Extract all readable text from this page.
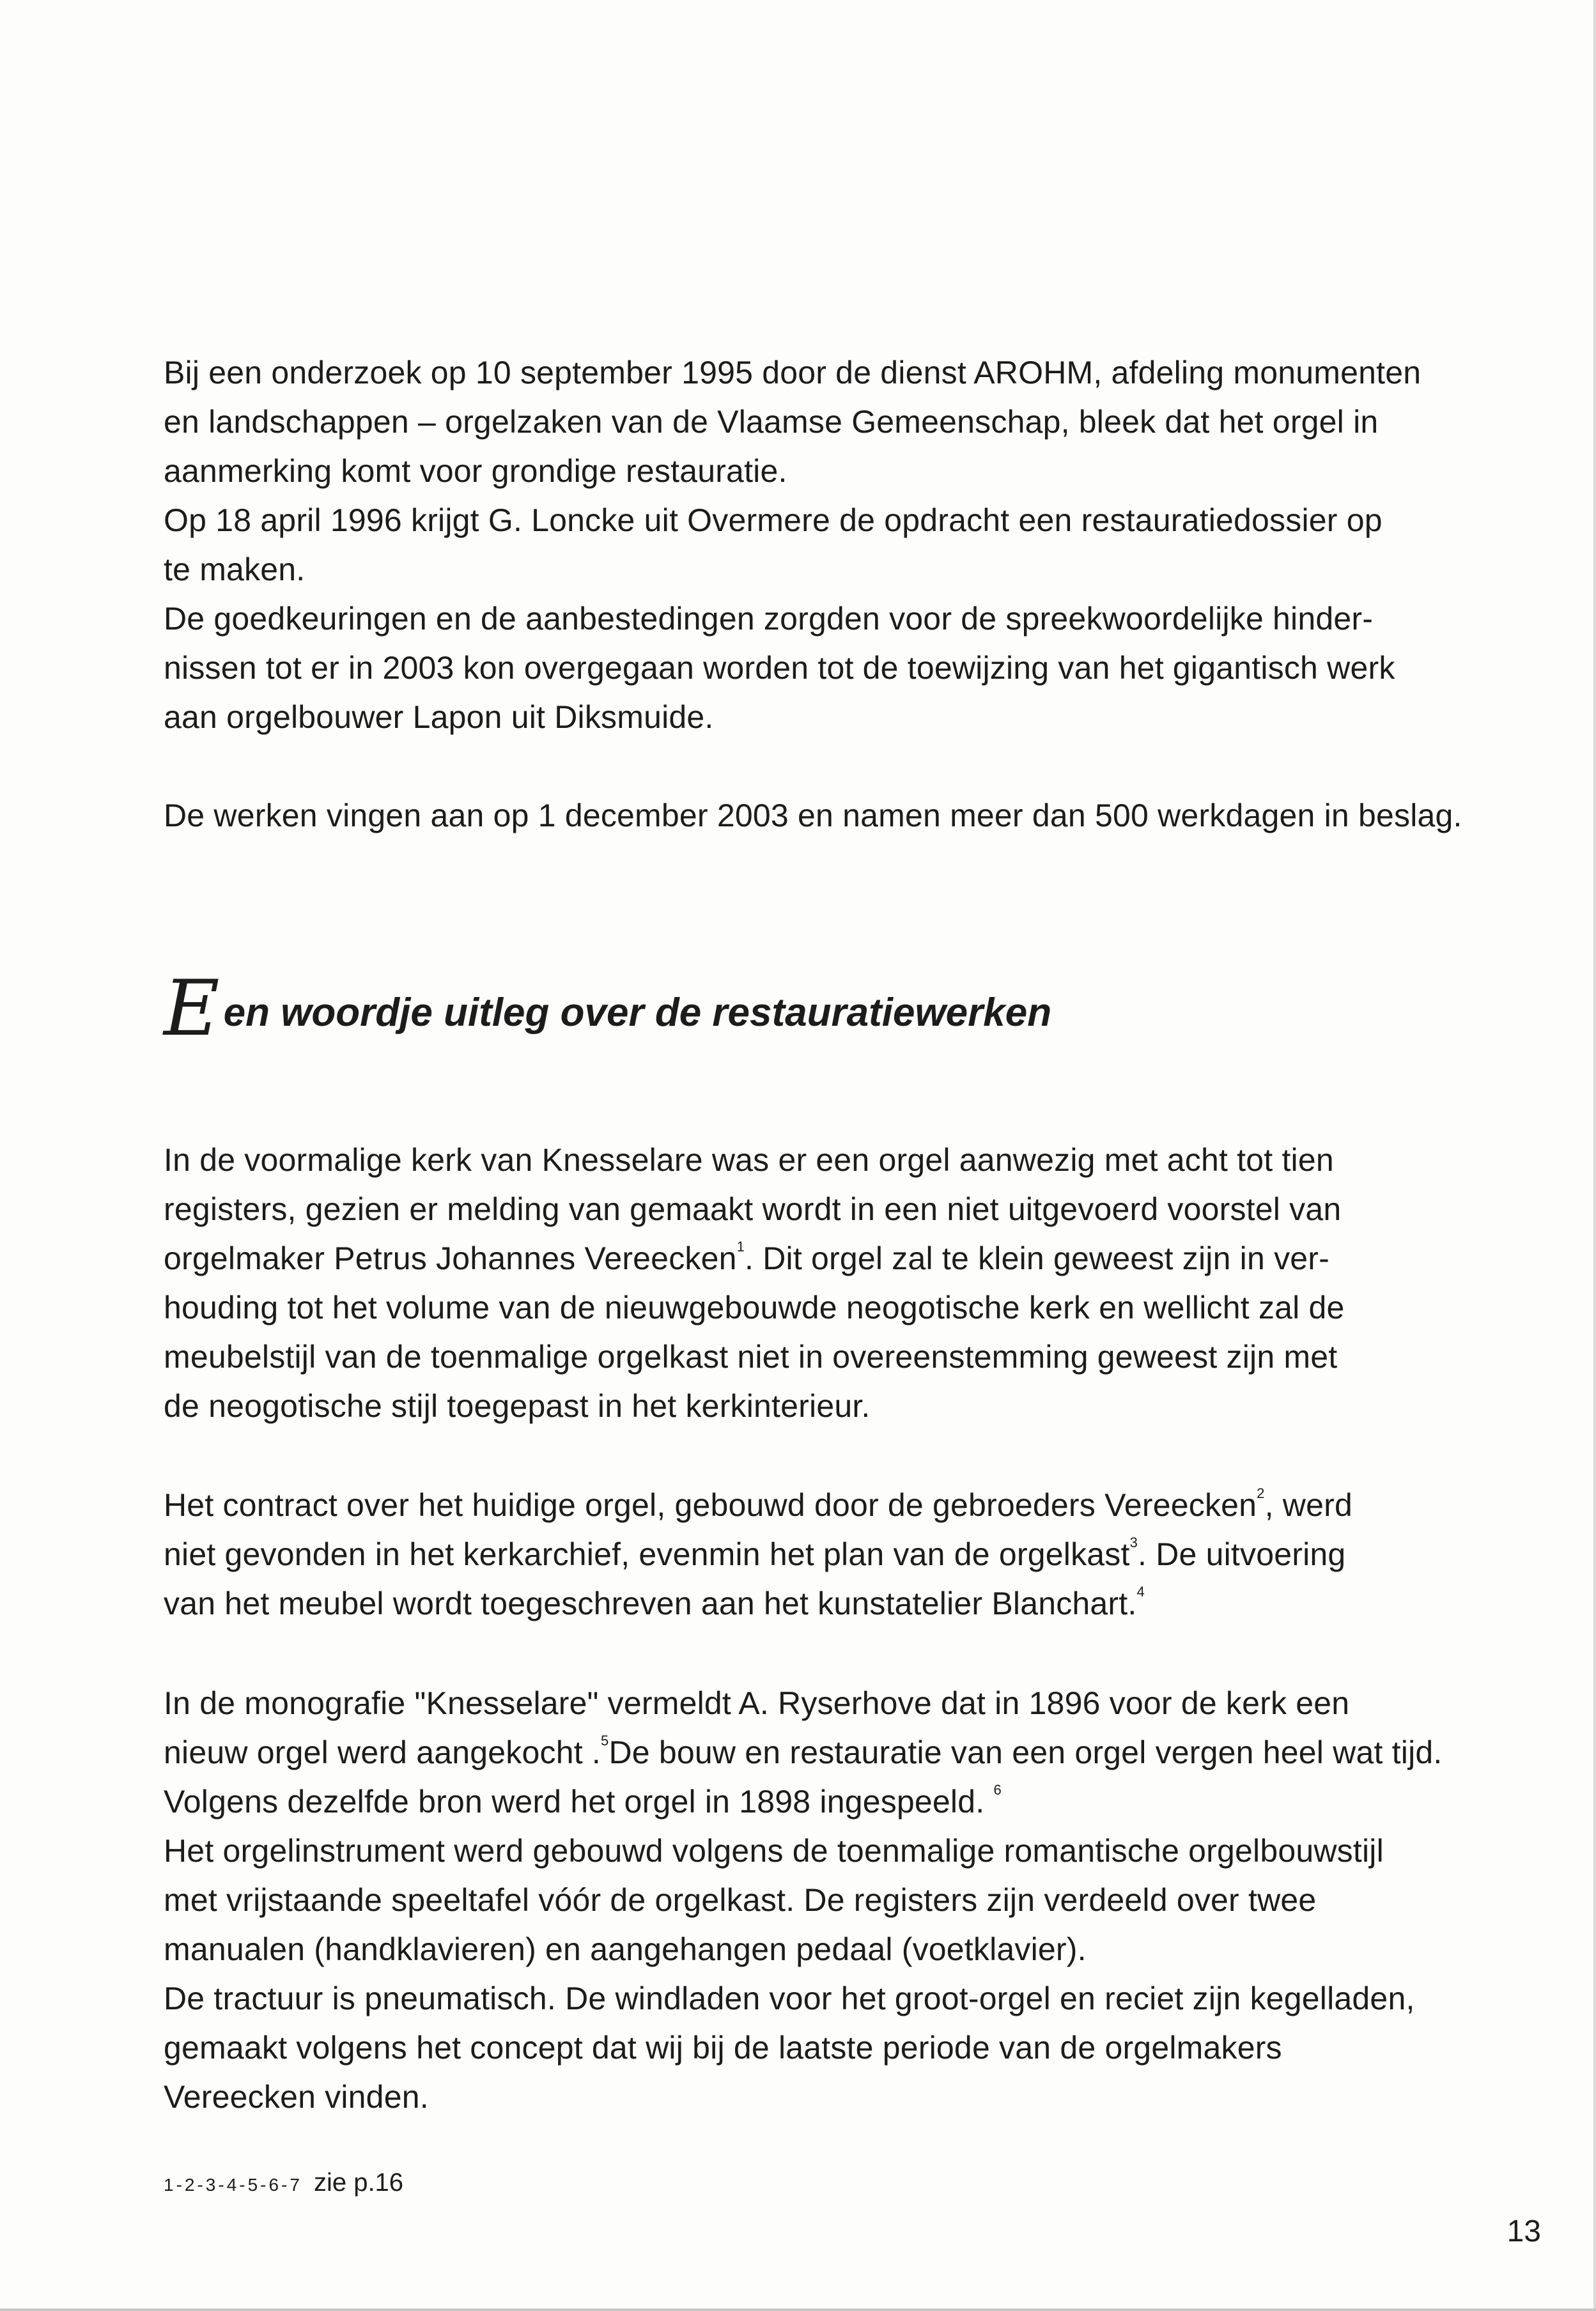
Bij een onderzoek op 10 september 1995 door de dienst AROHM, afdeling monumenten
en landschappen – orgelzaken van de Vlaamse Gemeenschap, bleek dat het orgel in
aanmerking komt voor grondige restauratie.
Op 18 april 1996 krijgt G. Loncke uit Overmere de opdracht een restauratiedossier op
te maken.
De goedkeuringen en de aanbestedingen zorgden voor de spreekwoordelijke hinder-
nissen tot er in 2003 kon overgegaan worden tot de toewijzing van het gigantisch werk
aan orgelbouwer Lapon uit Diksmuide.
De werken vingen aan op 1 december 2003 en namen meer dan 500 werkdagen in beslag.
Een woordje uitleg over de restauratiewerken
In de voormalige kerk van Knesselare was er een orgel aanwezig met acht tot tien
registers, gezien er melding van gemaakt wordt in een niet uitgevoerd voorstel van
orgelmaker Petrus Johannes Vereecken$^1$. Dit orgel zal te klein geweest zijn in ver-
houding tot het volume van de nieuwgebouwde neogotische kerk en wellicht zal de
meubelstijl van de toenmalige orgelkast niet in overeenstemming geweest zijn met
de neogotische stijl toegepast in het kerkinterieur.
Het contract over het huidige orgel, gebouwd door de gebroeders Vereecken$^2$, werd
niet gevonden in het kerkarchief, evenmin het plan van de orgelkast$^3$. De uitvoering
van het meubel wordt toegeschreven aan het kunstatelier Blanchart.$^4$
In de monografie "Knesselare" vermeldt A. Ryserhove dat in 1896 voor de kerk een
nieuw orgel werd aangekocht .$^5$De bouw en restauratie van een orgel vergen heel wat tijd.
Volgens dezelfde bron werd het orgel in 1898 ingespeeld. $^6$
Het orgelinstrument werd gebouwd volgens de toenmalige romantische orgelbouwstijl
met vrijstaande speeltafel vóór de orgelkast. De registers zijn verdeeld over twee
manualen (handklavieren) en aangehangen pedaal (voetklavier).
De tractuur is pneumatisch. De windladen voor het groot-orgel en reciet zijn kegelladen,
gemaakt volgens het concept dat wij bij de laatste periode van de orgelmakers
Vereecken vinden.
1-2-3-4-5-6-7 zie p.16
13
